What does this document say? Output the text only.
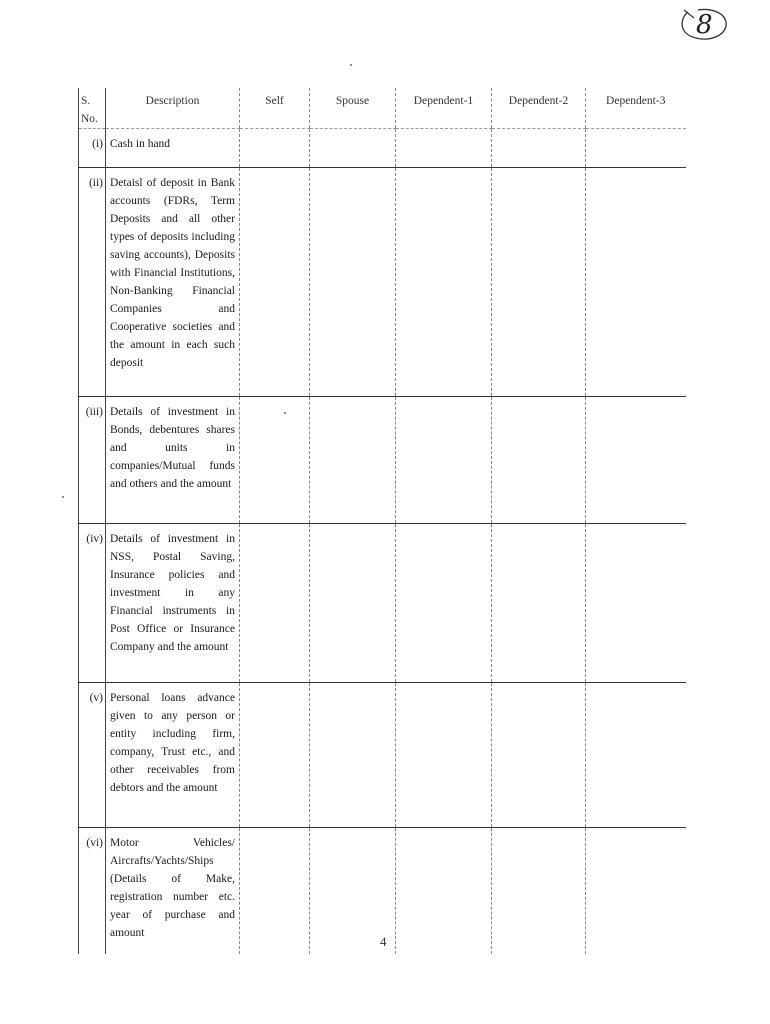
8
S. No.	Description	Self	Spouse	Dependent-1	Dependent-2	Dependent-3
(i)	Cash in hand					
(ii)	Detaisl of deposit in Bank accounts (FDRs, Term Deposits and all other types of deposits including saving accounts), Deposits with Financial Institutions, Non-Banking Financial Companies and Cooperative societies and the amount in each such deposit					
(iii)	Details of investment in Bonds, debentures shares and units in companies/Mutual funds and others and the amount					
(iv)	Details of investment in NSS, Postal Saving, Insurance policies and investment in any Financial instruments in Post Office or Insurance Company and the amount					
(v)	Personal loans advance given to any person or entity including firm, company, Trust etc., and other receivables from debtors and the amount					
(vi)	Motor Vehicles/ Aircrafts/Yachts/Ships (Details of Make, registration number etc. year of purchase and amount					
4
